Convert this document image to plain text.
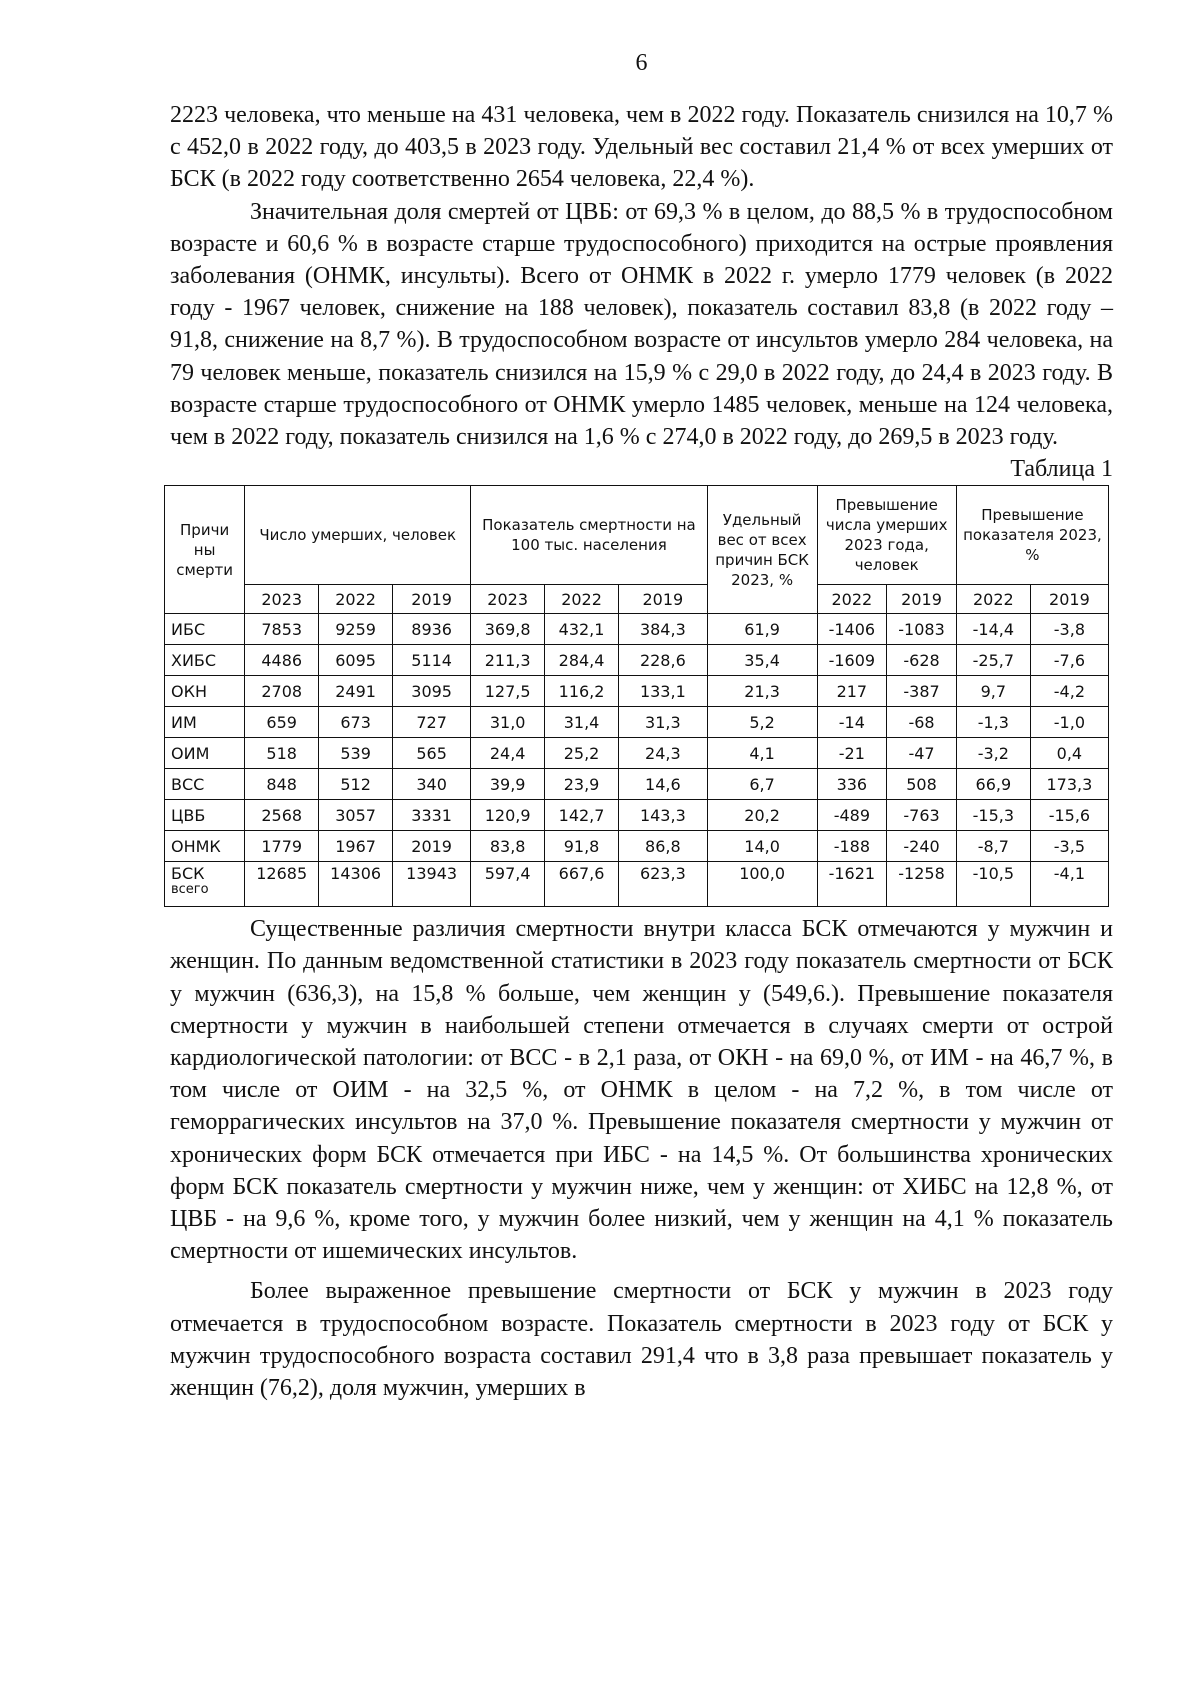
6

2223 человека, что меньше на 431 человека, чем в 2022 году. Показатель снизился на 10,7 % с 452,0 в 2022 году, до 403,5 в 2023 году. Удельный вес составил 21,4 % от всех умерших от БСК (в 2022 году соответственно 2654 человека, 22,4 %).

Значительная доля смертей от ЦВБ: от 69,3 % в целом, до 88,5 % в трудоспособном возрасте и 60,6 % в возрасте старше трудоспособного) приходится на острые проявления заболевания (ОНМК, инсульты). Всего от ОНМК в 2022 г. умерло 1779 человек (в 2022 году - 1967 человек, снижение на 188 человек), показатель составил 83,8 (в 2022 году – 91,8, снижение на 8,7 %). В трудоспособном возрасте от инсультов умерло 284 человека, на 79 человек меньше, показатель снизился на 15,9 % с 29,0 в 2022 году, до 24,4 в 2023 году. В возрасте старше трудоспособного от ОНМК умерло 1485 человек, меньше на 124 человека, чем в 2022 году, показатель снизился на 1,6 % с 274,0 в 2022 году, до 269,5 в 2023 году.

Таблица 1
Причи ны смерти	Число умерших, человек			Показатель смертности на 100 тыс. населения			Удельный вес от всех причин БСК 2023, %	Превышение числа умерших 2023 года, человек		Превышение показателя 2023, %	
	2023	2022	2019	2023	2022	2019		2022	2019	2022	2019
ИБС	7853	9259	8936	369,8	432,1	384,3	61,9	-1406	-1083	-14,4	-3,8
ХИБС	4486	6095	5114	211,3	284,4	228,6	35,4	-1609	-628	-25,7	-7,6
ОКН	2708	2491	3095	127,5	116,2	133,1	21,3	217	-387	9,7	-4,2
ИМ	659	673	727	31,0	31,4	31,3	5,2	-14	-68	-1,3	-1,0
ОИМ	518	539	565	24,4	25,2	24,3	4,1	-21	-47	-3,2	0,4
ВСС	848	512	340	39,9	23,9	14,6	6,7	336	508	66,9	173,3
ЦВБ	2568	3057	3331	120,9	142,7	143,3	20,2	-489	-763	-15,3	-15,6
ОНМК	1779	1967	2019	83,8	91,8	86,8	14,0	-188	-240	-8,7	-3,5
БСК
всего	12685	14306	13943	597,4	667,6	623,3	100,0	-1621	-1258	-10,5	-4,1

Существенные различия смертности внутри класса БСК отмечаются у мужчин и женщин. По данным ведомственной статистики в 2023 году показатель смертности от БСК у мужчин (636,3), на 15,8 % больше, чем женщин у (549,6.). Превышение показателя смертности у мужчин в наибольшей степени отмечается в случаях смерти от острой кардиологической патологии: от ВСС - в 2,1 раза, от ОКН - на 69,0 %, от ИМ - на 46,7 %, в том числе от ОИМ - на 32,5 %, от ОНМК в целом - на 7,2 %, в том числе от геморрагических инсультов на 37,0 %. Превышение показателя смертности у мужчин от хронических форм БСК отмечается при ИБС - на 14,5 %. От большинства хронических форм БСК показатель смертности у мужчин ниже, чем у женщин: от ХИБС на 12,8 %, от ЦВБ - на 9,6 %, кроме того, у мужчин более низкий, чем у женщин на 4,1 % показатель смертности от ишемических инсультов.

Более выраженное превышение смертности от БСК у мужчин в 2023 году отмечается в трудоспособном возрасте. Показатель смертности в 2023 году от БСК у мужчин трудоспособного возраста составил 291,4 что в 3,8 раза превышает показатель у женщин (76,2), доля мужчин, умерших в
